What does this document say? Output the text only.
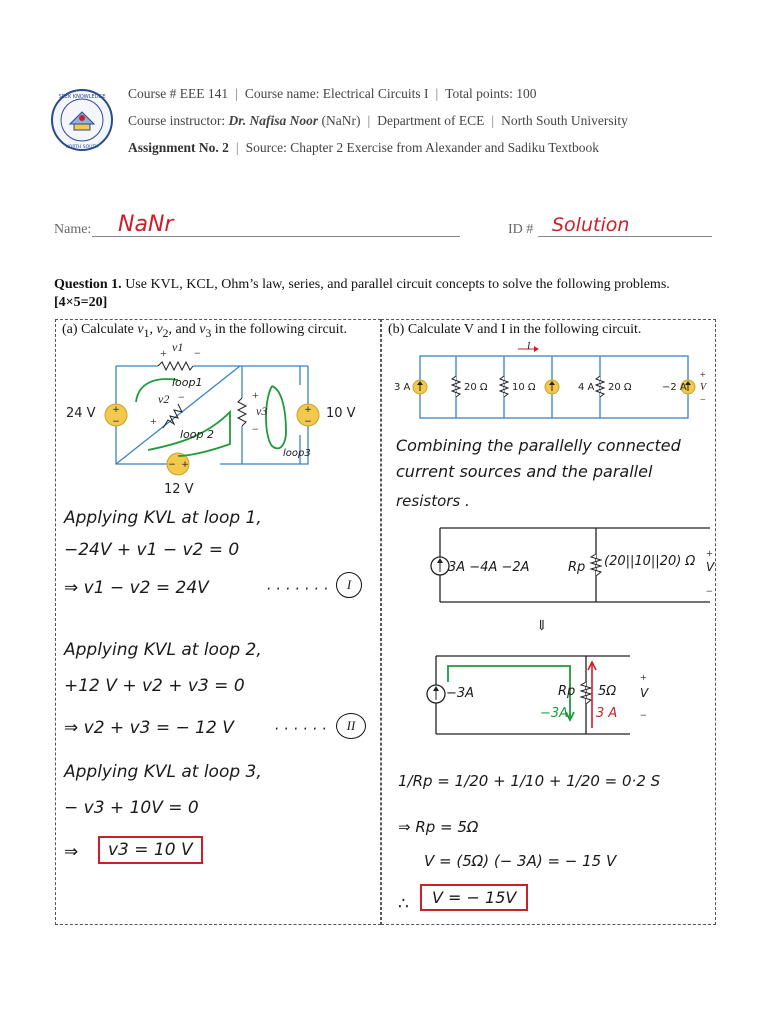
SEEK KNOWLEDGE
NORTH SOUTH
Course # EEE 141 | Course name: Electrical Circuits I | Total points: 100
Course instructor: Dr. Nafisa Noor (NaNr) | Department of ECE | North South University
Assignment No. 2 | Source: Chapter 2 Exercise from Alexander and Sadiku Textbook
Name: NaNr	ID # Solution
Question 1. Use KVL, KCL, Ohm’s law, series, and parallel circuit concepts to solve the following problems.
[4×5=20]
(a) Calculate $v_1$, $v_2$, and $v_3$ in the following circuit.
+
−
+
−
− +
+ v1 −
loop1
v2
+
−
loop 2
+
v3
−
loop3
24 V	10 V
12 V
Applying KVL at loop 1,
−24V + v1 − v2 = 0
⇒ v1 − v2 = 24V	· · · · · · ·	I
Applying KVL at loop 2,
+12 V + v2 + v3 = 0
⇒ v2 + v3 = − 12 V	· · · · · ·	II
Applying KVL at loop 3,
− v3 + 10V = 0
⇒	v3 = 10 V
(b) Calculate V and I in the following circuit.
I
3 A	20 Ω 10 Ω	4 A 20 Ω	−2 A
+
V
−
Combining the parallelly connected
current sources and the parallel
resistors .
3A −4A −2A	Rp (20||10||20) Ω
+
V
−
⇓
−3A	Rp 5Ω
−3A 3 A
+
V
−
1/Rp = 1/20 + 1/10 + 1/20 = 0·2 S
⇒ Rp = 5Ω
V = (5Ω) (− 3A) = − 15 V
∴	V = − 15V
